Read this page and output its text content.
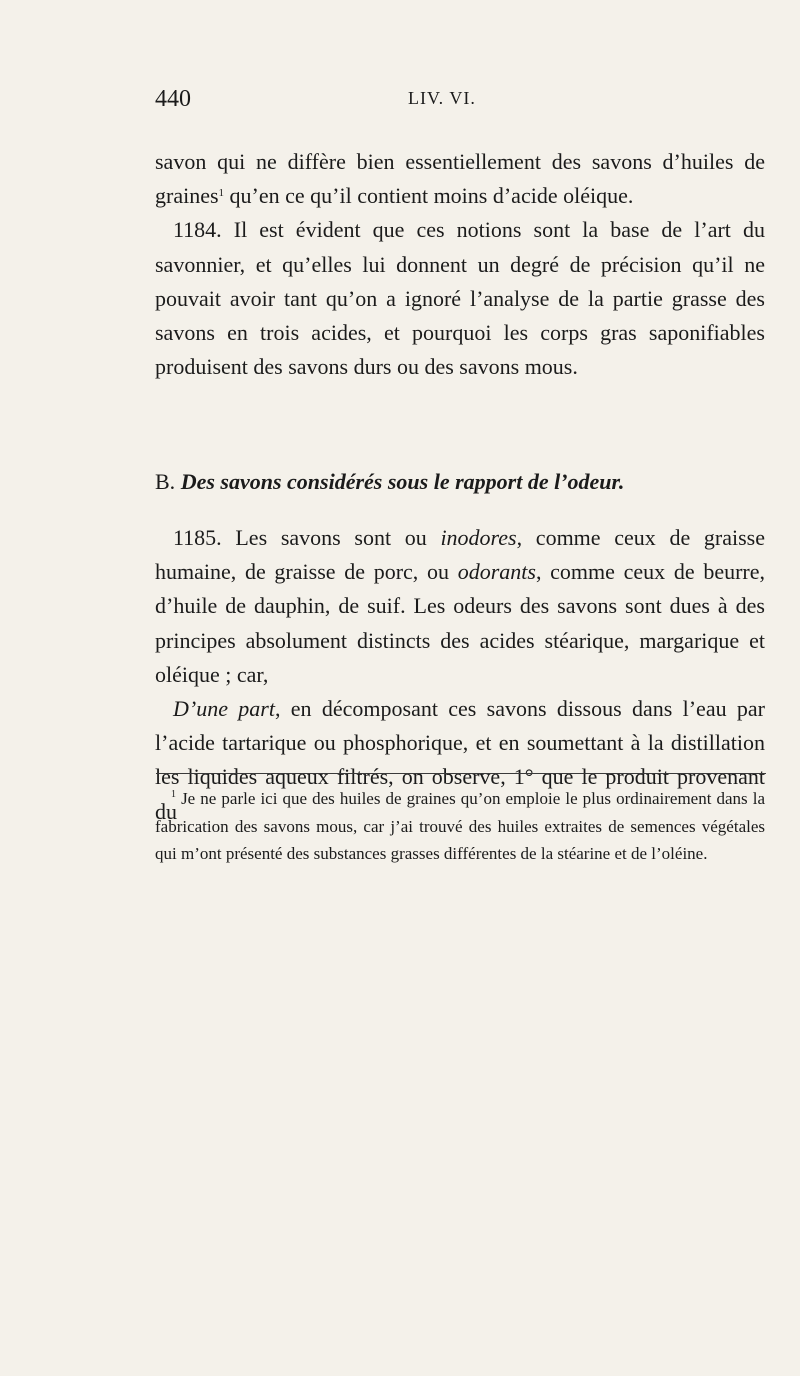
440	LIV. VI.

savon qui ne diffère bien essentiellement des savons d’huiles de graines$^1$ qu’en ce qu’il contient moins d’acide oléique.

1184. Il est évident que ces notions sont la base de l’art du savonnier, et qu’elles lui donnent un degré de précision qu’il ne pouvait avoir tant qu’on a ignoré l’analyse de la partie grasse des savons en trois acides, et pourquoi les corps gras saponifiables produisent des savons durs ou des savons mous.

B. Des savons considérés sous le rapport de l’odeur.

1185. Les savons sont ou inodores, comme ceux de graisse humaine, de graisse de porc, ou odorants, comme ceux de beurre, d’huile de dauphin, de suif. Les odeurs des savons sont dues à des principes absolument distincts des acides stéarique, margarique et oléique ; car,

D’une part, en décomposant ces savons dissous dans l’eau par l’acide tartarique ou phosphorique, et en soumettant à la distillation les liquides aqueux filtrés, on observe, 1° que le produit provenant du

$^1$ Je ne parle ici que des huiles de graines qu’on emploie le plus ordinairement dans la fabrication des savons mous, car j’ai trouvé des huiles extraites de semences végétales qui m’ont présenté des substances grasses différentes de la stéarine et de l’oléine.
